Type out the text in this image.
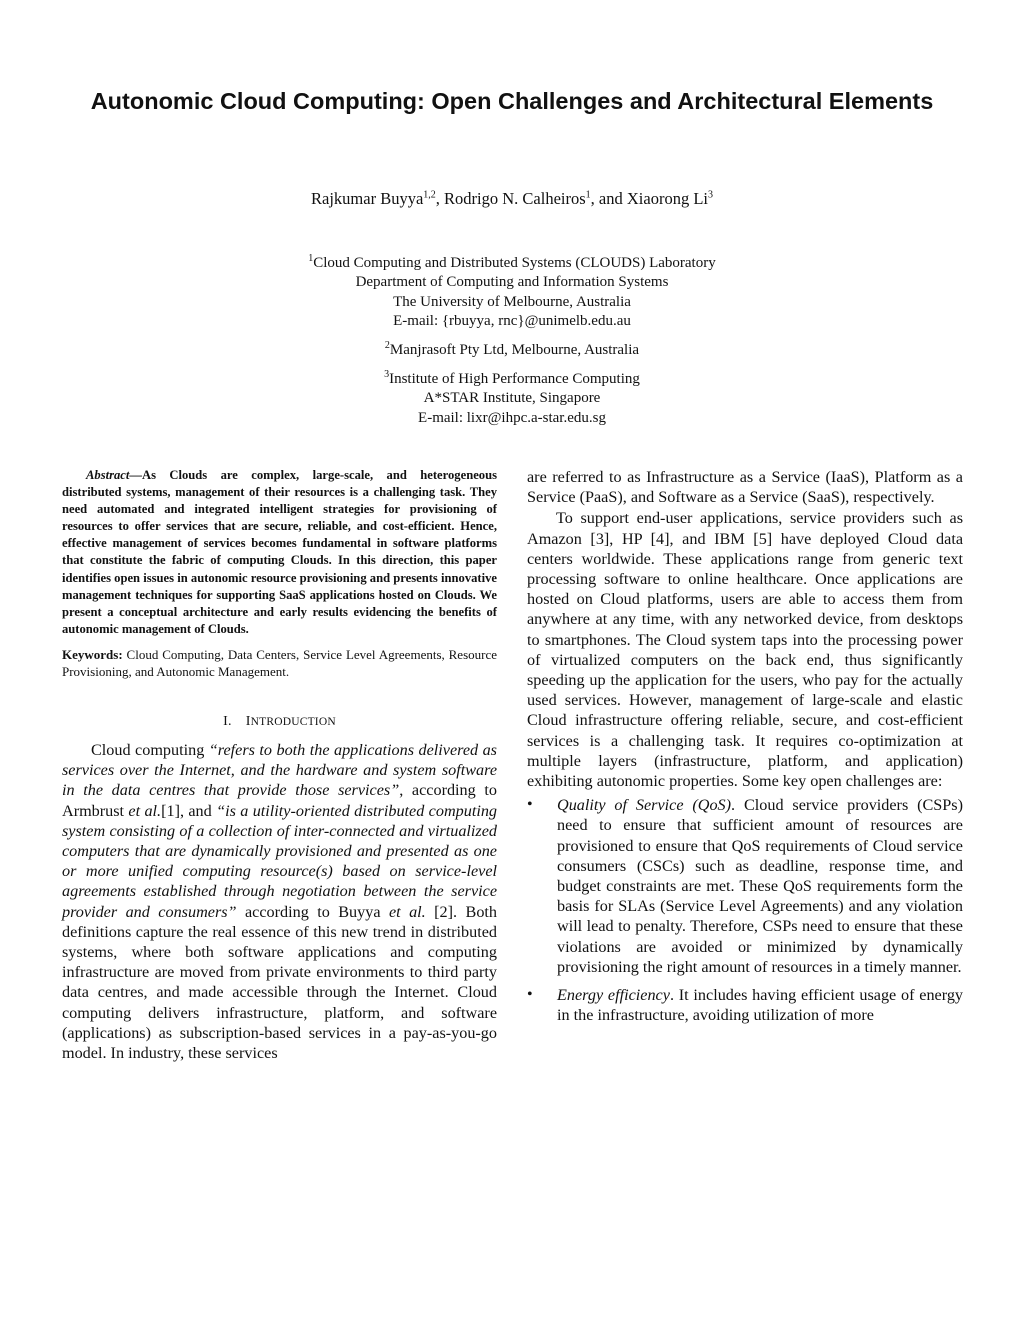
Autonomic Cloud Computing: Open Challenges and Architectural Elements

Rajkumar Buyya$^{1,2}$, Rodrigo N. Calheiros$^1$, and Xiaorong Li$^3$

$^1$Cloud Computing and Distributed Systems (CLOUDS) Laboratory
Department of Computing and Information Systems
The University of Melbourne, Australia
E-mail: {rbuyya, rnc}@unimelb.edu.au
$^2$Manjrasoft Pty Ltd, Melbourne, Australia
$^3$Institute of High Performance Computing
A*STAR Institute, Singapore
E-mail: lixr@ihpc.a-star.edu.sg

Abstract—As Clouds are complex, large-scale, and heterogeneous distributed systems, management of their resources is a challenging task. They need automated and integrated intelligent strategies for provisioning of resources to offer services that are secure, reliable, and cost-efficient. Hence, effective management of services becomes fundamental in software platforms that constitute the fabric of computing Clouds. In this direction, this paper identifies open issues in autonomic resource provisioning and presents innovative management techniques for supporting SaaS applications hosted on Clouds. We present a conceptual architecture and early results evidencing the benefits of autonomic management of Clouds.

Keywords: Cloud Computing, Data Centers, Service Level Agreements, Resource Provisioning, and Autonomic Management.

I. INTRODUCTION

Cloud computing “refers to both the applications delivered as services over the Internet, and the hardware and system software in the data centres that provide those services”, according to Armbrust et al.[1], and “is a utility-oriented distributed computing system consisting of a collection of inter-connected and virtualized computers that are dynamically provisioned and presented as one or more unified computing resource(s) based on service-level agreements established through negotiation between the service provider and consumers” according to Buyya et al. [2]. Both definitions capture the real essence of this new trend in distributed systems, where both software applications and computing infrastructure are moved from private environments to third party data centres, and made accessible through the Internet. Cloud computing delivers infrastructure, platform, and software (applications) as subscription-based services in a pay-as-you-go model. In industry, these services

are referred to as Infrastructure as a Service (IaaS), Platform as a Service (PaaS), and Software as a Service (SaaS), respectively.

To support end-user applications, service providers such as Amazon [3], HP [4], and IBM [5] have deployed Cloud data centers worldwide. These applications range from generic text processing software to online healthcare. Once applications are hosted on Cloud platforms, users are able to access them from anywhere at any time, with any networked device, from desktops to smartphones. The Cloud system taps into the processing power of virtualized computers on the back end, thus significantly speeding up the application for the users, who pay for the actually used services. However, management of large-scale and elastic Cloud infrastructure offering reliable, secure, and cost-efficient services is a challenging task. It requires co-optimization at multiple layers (infrastructure, platform, and application) exhibiting autonomic properties. Some key open challenges are:

• Quality of Service (QoS). Cloud service providers (CSPs) need to ensure that sufficient amount of resources are provisioned to ensure that QoS requirements of Cloud service consumers (CSCs) such as deadline, response time, and budget constraints are met. These QoS requirements form the basis for SLAs (Service Level Agreements) and any violation will lead to penalty. Therefore, CSPs need to ensure that these violations are avoided or minimized by dynamically provisioning the right amount of resources in a timely manner.
• Energy efficiency. It includes having efficient usage of energy in the infrastructure, avoiding utilization of more
